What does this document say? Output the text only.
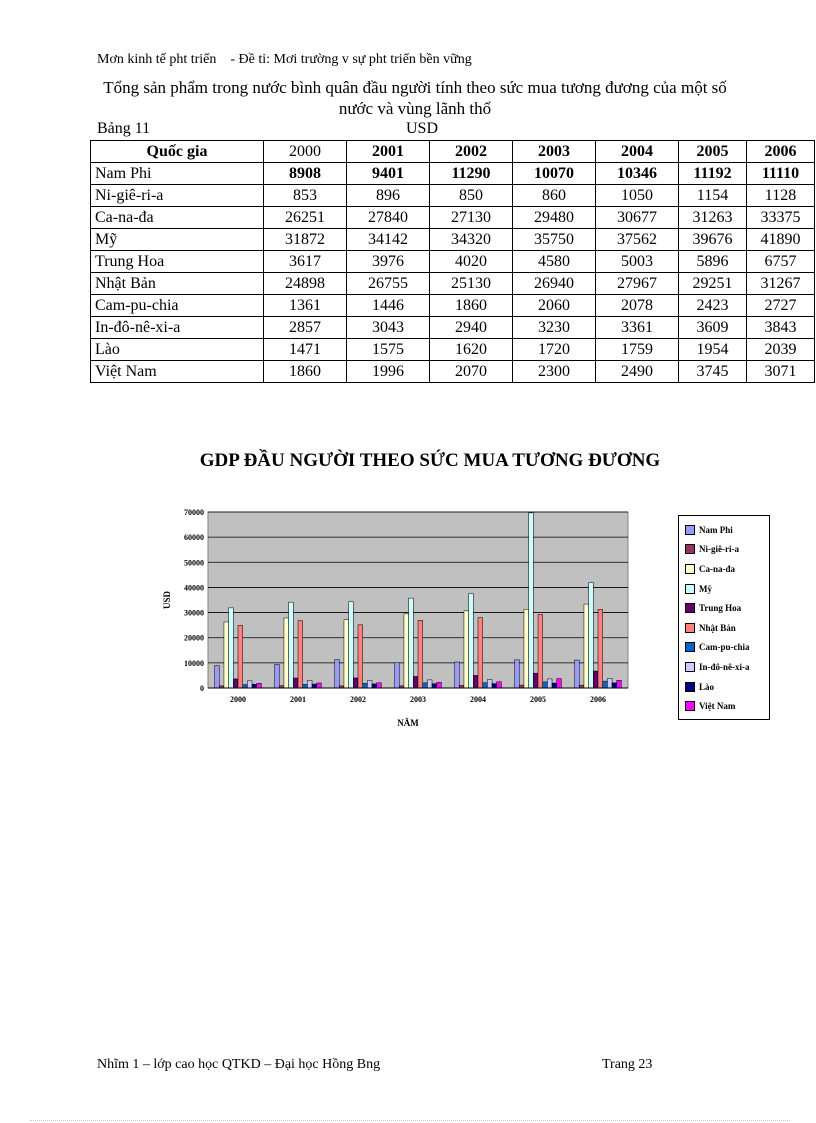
Mơn kinh tế pht triển    - Đề ti: Mơi trường v sự pht triển bền vững
Tổng sản phẩm trong nước bình quân đầu người tính theo sức mua tương đương của một số nước và vùng lãnh thổ
Bảng 11	USD
Quốc gia	2000	2001	2002	2003	2004	2005	2006
Nam Phi	8908	9401	11290	10070	10346	11192	11110
Ni-giê-ri-a	853	896	850	860	1050	1154	1128
Ca-na-đa	26251	27840	27130	29480	30677	31263	33375
Mỹ	31872	34142	34320	35750	37562	39676	41890
Trung Hoa	3617	3976	4020	4580	5003	5896	6757
Nhật Bản	24898	26755	25130	26940	27967	29251	31267
Cam-pu-chia	1361	1446	1860	2060	2078	2423	2727
In-đô-nê-xi-a	2857	3043	2940	3230	3361	3609	3843
Lào	1471	1575	1620	1720	1759	1954	2039
Việt Nam	1860	1996	2070	2300	2490	3745	3071
GDP ĐẦU NGƯỜI THEO SỨC MUA TƯƠNG ĐƯƠNG
0
10000
20000
30000
40000
50000
60000
70000
USD
2000	2001	2002	2003	2004	2005	2006
NĂM
Nhĩm 1 – lớp cao học QTKD – Đại học Hồng Bng	Trang 23
Nam Phi
Ni-giê-ri-a
Ca-na-đa
Mỹ
Trung Hoa
Nhật Bản
Cam-pu-chia
In-đô-nê-xi-a
Lào
Việt Nam
